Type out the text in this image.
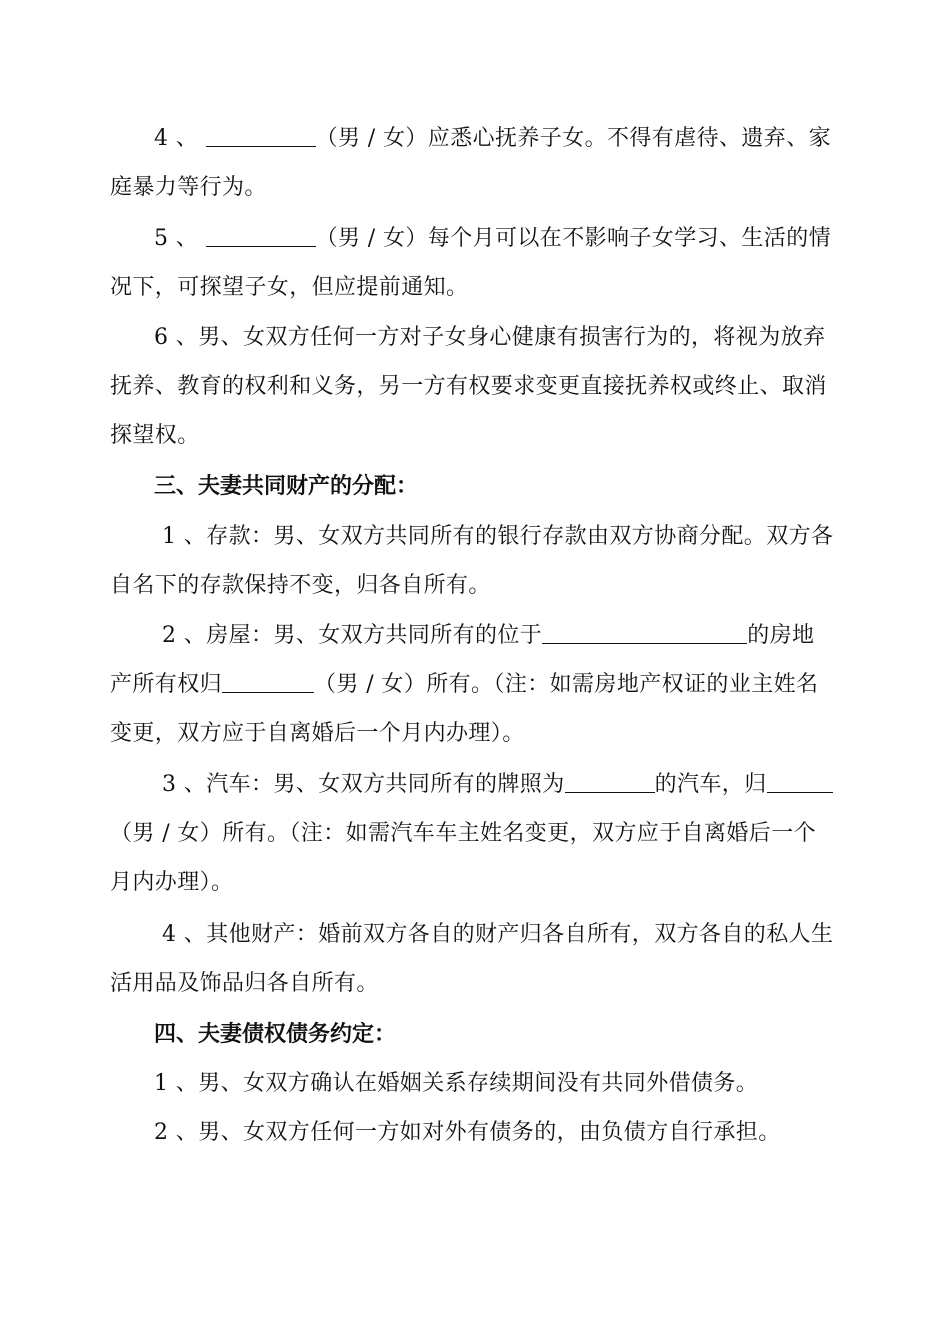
4 、	（男 / 女）应悉心抚养子女。不得有虐待、遗弃、家
庭暴力等行为。
5 、	（男 / 女）每个月可以在不影响子女学习、生活的情
况下，可探望子女，但应提前通知。
6 、男、女双方任何一方对子女身心健康有损害行为的，将视为放弃
抚养、教育的权利和义务，另一方有权要求变更直接抚养权或终止、取消
探望权。
三、夫妻共同财产的分配：
1 、存款：男、女双方共同所有的银行存款由双方协商分配。双方各
自名下的存款保持不变，归各自所有。
2 、房屋：男、女双方共同所有的位于	的房地
产所有权归	（男 / 女）所有。（注：如需房地产权证的业主姓名
变更，双方应于自离婚后一个月内办理）。
3 、汽车：男、女双方共同所有的牌照为	的汽车，归
（男 / 女）所有。（注：如需汽车车主姓名变更，双方应于自离婚后一个
月内办理）。
4 、其他财产：婚前双方各自的财产归各自所有，双方各自的私人生
活用品及饰品归各自所有。
四、夫妻债权债务约定：
1 、男、女双方确认在婚姻关系存续期间没有共同外借债务。
2 、男、女双方任何一方如对外有债务的，由负债方自行承担。
